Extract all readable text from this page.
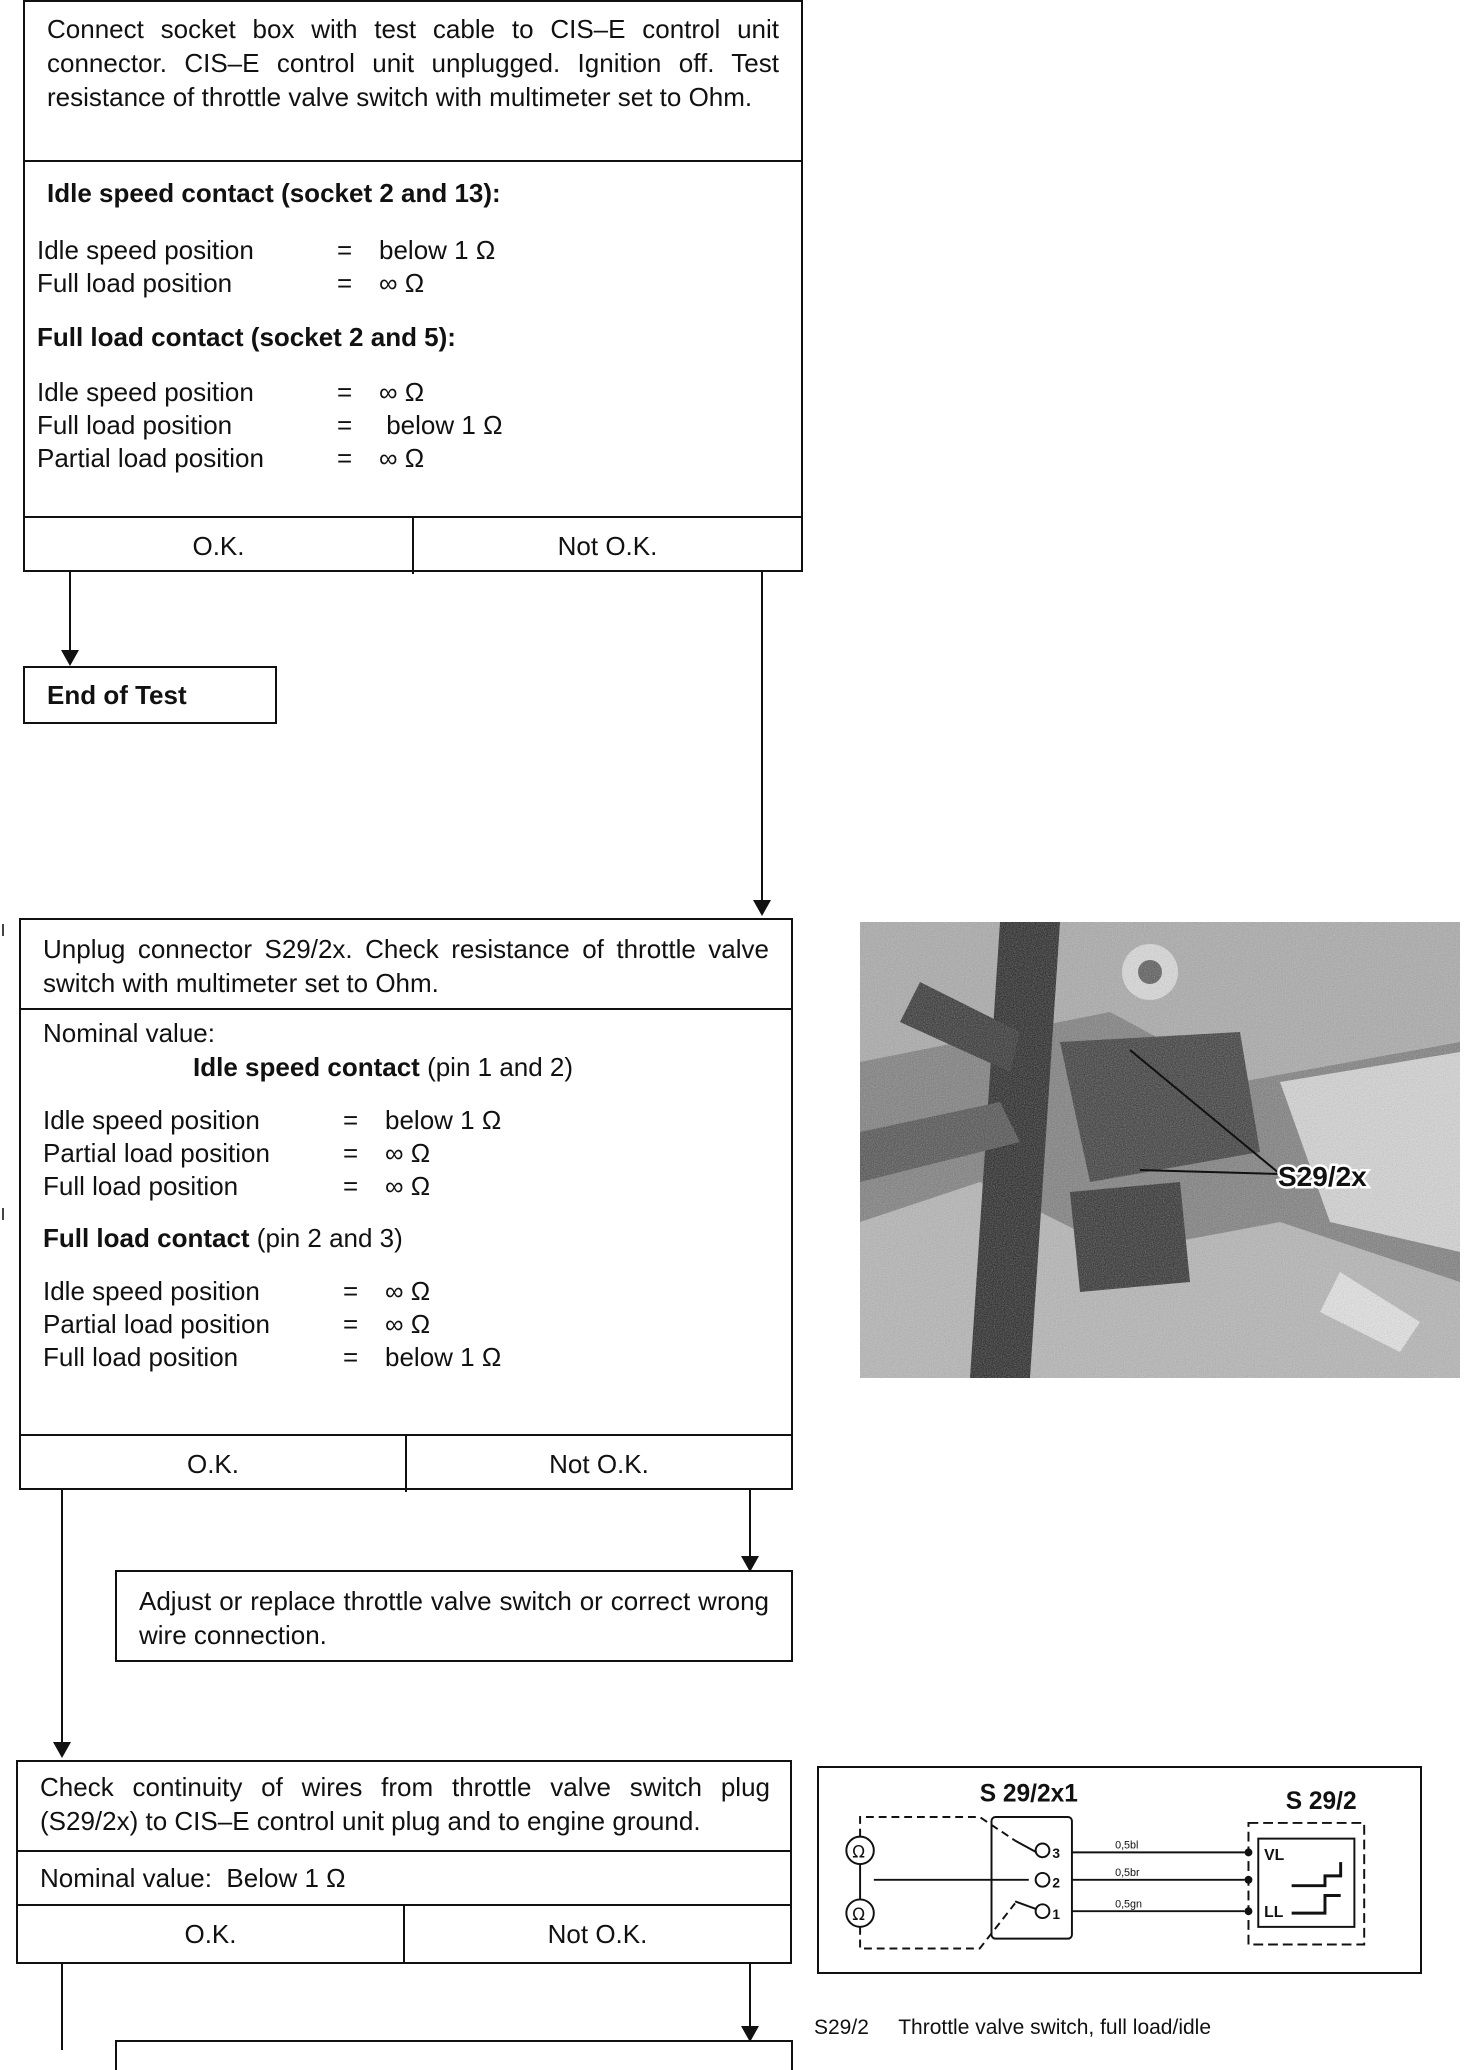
Connect socket box with test cable to CIS–E control unit connector. CIS–E control unit unplugged. Ignition off. Test resistance of throttle valve switch with multimeter set to Ohm.
Idle speed contact (socket 2 and 13):
Idle speed position	=	below 1 Ω
Full load position	=	∞ Ω
Full load contact (socket 2 and 5):
Idle speed position	=	∞ Ω
Full load position	=	below 1 Ω
Partial load position	=	∞ Ω
O.K.	Not O.K.
End of Test
Unplug connector S29/2x. Check resistance of throttle valve switch with multimeter set to Ohm.
Nominal value:
Idle speed contact (pin 1 and 2)
Idle speed position	=	below 1 Ω
Partial load position	=	∞ Ω
Full load position	=	∞ Ω
Full load contact (pin 2 and 3)
Idle speed position	=	∞ Ω
Partial load position	=	∞ Ω
Full load position	=	below 1 Ω
O.K.	Not O.K.
Adjust or replace throttle valve switch or correct wrong wire connection.
Check continuity of wires from throttle valve switch plug (S29/2x) to CIS–E control unit plug and to engine ground.
Nominal value:  Below 1 Ω
O.K.	Not O.K.
S29/2x
S 29/2x1	S 29/2
3
2
1
0,5bl
0,5br
0,5gn
VL
LL
Ω
Ω
S29/2 Throttle valve switch, full load/idle
